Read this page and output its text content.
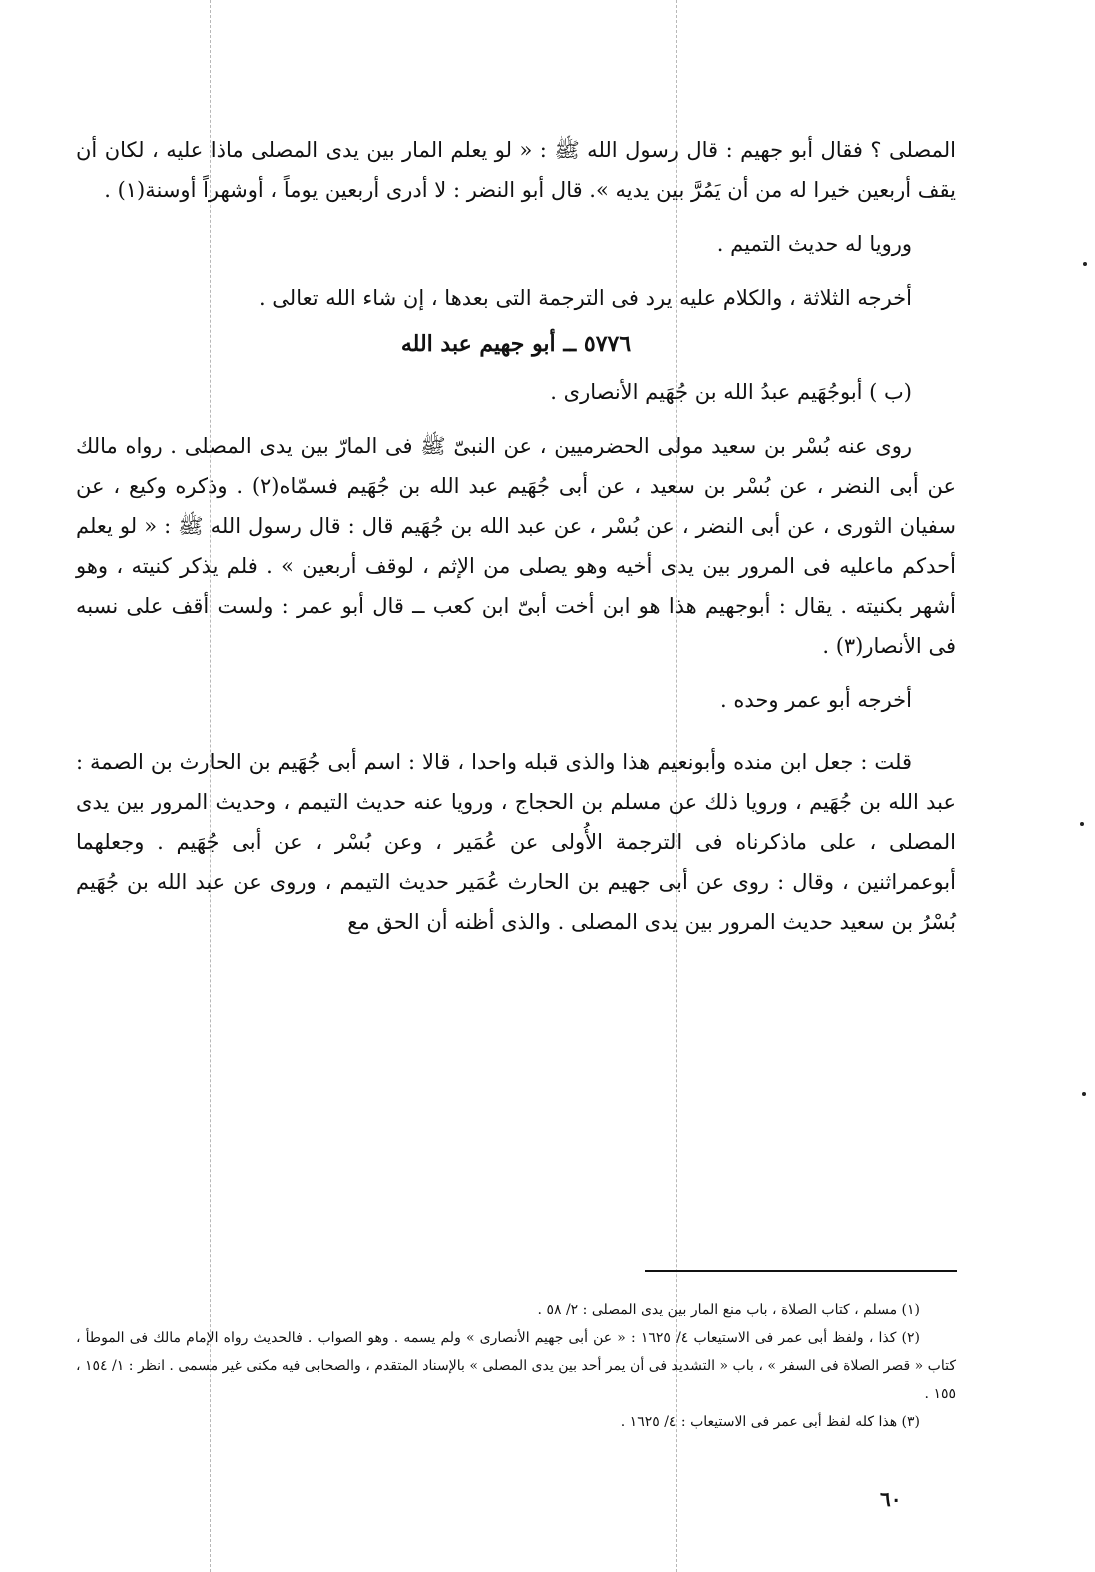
المصلى ؟ فقال أبو جهيم : قال رسول الله ﷺ : « لو يعلم المار بين يدى المصلى ماذا عليه ، لكان أن يقف أربعين خيرا له من أن يَمُرَّ بين يديه ». قال أبو النضر : لا أدرى أربعين يوماً ، أوشهراً أوسنة(١) .

ورويا له حديث التميم .

أخرجه الثلاثة ، والكلام عليه يرد فى الترجمة التى بعدها ، إن شاء الله تعالى .

٥٧٧٦ ــ أبو جهيم عبد الله

(ب ) أبوجُهَيم عبدُ الله بن جُهَيم الأنصارى .

روى عنه بُسْر بن سعيد مولى الحضرميين ، عن النبىّ ﷺ فى المارّ بين يدى المصلى . رواه مالك عن أبى النضر ، عن بُسْر بن سعيد ، عن أبى جُهَيم عبد الله بن جُهَيم فسمّاه(٢) . وذكره وكيع ، عن سفيان الثورى ، عن أبى النضر ، عن بُسْر ، عن عبد الله بن جُهَيم قال : قال رسول الله ﷺ : « لو يعلم أحدكم ماعليه فى المرور بين يدى أخيه وهو يصلى من الإثم ، لوقف أربعين » . فلم يذكر كنيته ، وهو أشهر بكنيته . يقال : أبوجهيم هذا هو ابن أخت أبىّ ابن كعب ــ قال أبو عمر : ولست أقف على نسبه فى الأنصار(٣) .

أخرجه أبو عمر وحده .

قلت : جعل ابن منده وأبونعيم هذا والذى قبله واحدا ، قالا : اسم أبى جُهَيم بن الحارث بن الصمة : عبد الله بن جُهَيم ، ورويا ذلك عن مسلم بن الحجاج ، ورويا عنه حديث التيمم ، وحديث المرور بين يدى المصلى ، على ماذكرناه فى الترجمة الأُولى عن عُمَير ، وعن بُسْر ، عن أبى جُهَيم . وجعلهما أبوعمراثنين ، وقال : روى عن أبى جهيم بن الحارث عُمَير حديث التيمم ، وروى عن عبد الله بن جُهَيم بُسْرُ بن سعيد حديث المرور بين يدى المصلى . والذى أظنه أن الحق مع

(١) مسلم ، كتاب الصلاة ، باب منع المار بين يدى المصلى : ٢/ ٥٨ .

(٢) كذا ، ولفظ أبى عمر فى الاستيعاب ٤/ ١٦٢٥ : « عن أبى جهيم الأنصارى » ولم يسمه . وهو الصواب . فالحديث رواه الإمام مالك فى الموطأ ، كتاب « قصر الصلاة فى السفر » ، باب « التشديد فى أن يمر أحد بين يدى المصلى » بالإسناد المتقدم ، والصحابى فيه مكنى غير مسمى . انظر : ١/ ١٥٤ ، ١٥٥ .

(٣) هذا كله لفظ أبى عمر فى الاستيعاب : ٤/ ١٦٢٥ .

٦٠
